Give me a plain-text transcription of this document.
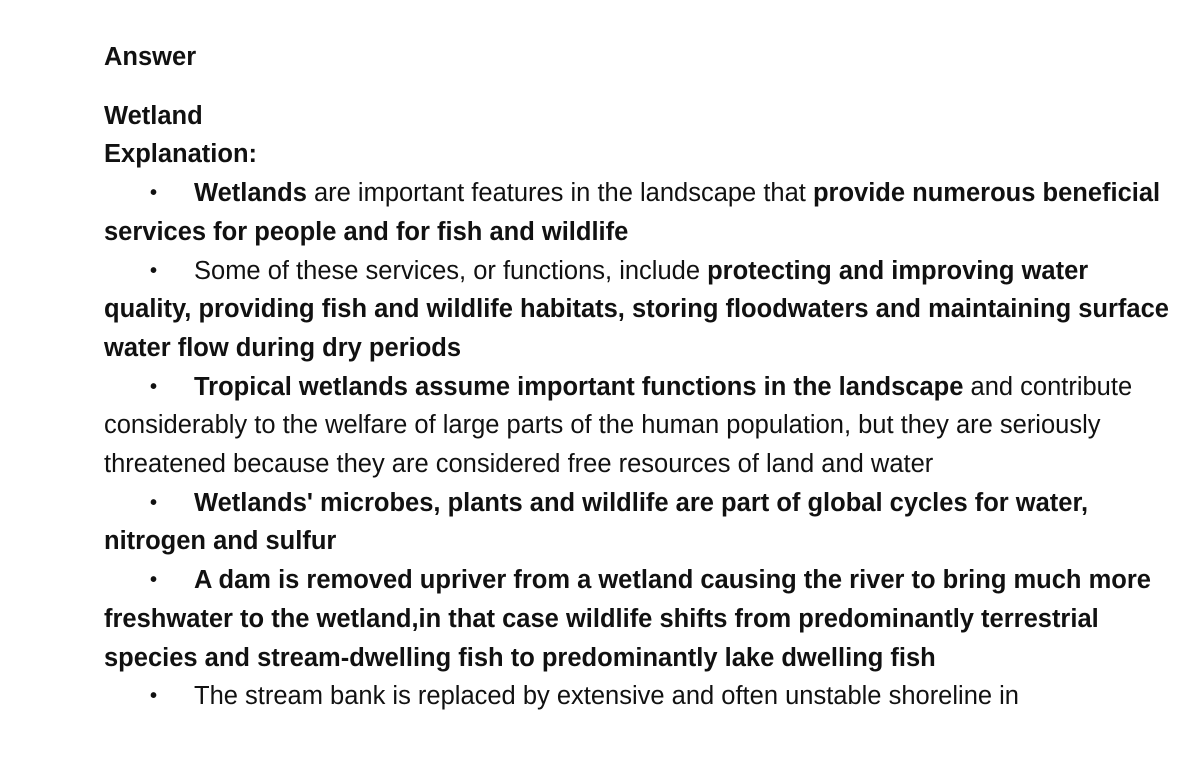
Answer

Wetland

Explanation:

• Wetlands are important features in the landscape that provide numerous beneficial services for people and for fish and wildlife
• Some of these services, or functions, include protecting and improving water quality, providing fish and wildlife habitats, storing floodwaters and maintaining surface water flow during dry periods
• Tropical wetlands assume important functions in the landscape and contribute considerably to the welfare of large parts of the human population, but they are seriously threatened because they are considered free resources of land and water
• Wetlands' microbes, plants and wildlife are part of global cycles for water, nitrogen and sulfur
• A dam is removed upriver from a wetland causing the river to bring much more freshwater to the wetland,in that case wildlife shifts from predominantly terrestrial species and stream-dwelling fish to predominantly lake dwelling fish
• The stream bank is replaced by extensive and often unstable shoreline in
